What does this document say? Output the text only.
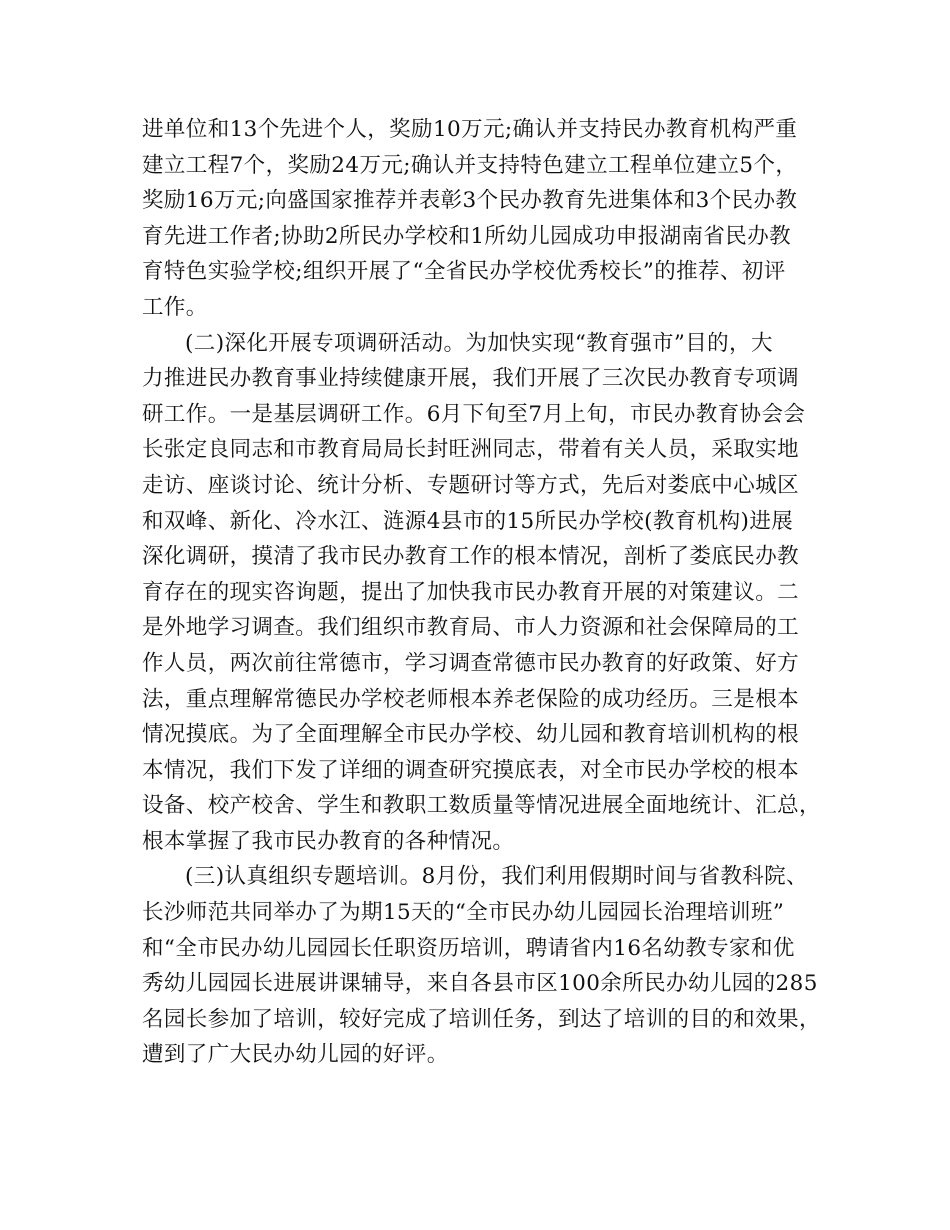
进单位和13个先进个人，奖励10万元;确认并支持民办教育机构严重
建立工程7个，奖励24万元;确认并支持特色建立工程单位建立5个，
奖励16万元;向盛国家推荐并表彰3个民办教育先进集体和3个民办教
育先进工作者;协助2所民办学校和1所幼儿园成功申报湖南省民办教
育特色实验学校;组织开展了“全省民办学校优秀校长”的推荐、初评
工作。
(二)深化开展专项调研活动。为加快实现“教育强市”目的，大
力推进民办教育事业持续健康开展，我们开展了三次民办教育专项调
研工作。一是基层调研工作。6月下旬至7月上旬，市民办教育协会会
长张定良同志和市教育局局长封旺洲同志，带着有关人员，采取实地
走访、座谈讨论、统计分析、专题研讨等方式，先后对娄底中心城区
和双峰、新化、冷水江、涟源4县市的15所民办学校(教育机构)进展
深化调研，摸清了我市民办教育工作的根本情况，剖析了娄底民办教
育存在的现实咨询题，提出了加快我市民办教育开展的对策建议。二
是外地学习调查。我们组织市教育局、市人力资源和社会保障局的工
作人员，两次前往常德市，学习调查常德市民办教育的好政策、好方
法，重点理解常德民办学校老师根本养老保险的成功经历。三是根本
情况摸底。为了全面理解全市民办学校、幼儿园和教育培训机构的根
本情况，我们下发了详细的调查研究摸底表，对全市民办学校的根本
设备、校产校舍、学生和教职工数质量等情况进展全面地统计、汇总，
根本掌握了我市民办教育的各种情况。
(三)认真组织专题培训。8月份，我们利用假期时间与省教科院、
长沙师范共同举办了为期15天的“全市民办幼儿园园长治理培训班”
和“全市民办幼儿园园长任职资历培训，聘请省内16名幼教专家和优
秀幼儿园园长进展讲课辅导，来自各县市区100余所民办幼儿园的285
名园长参加了培训，较好完成了培训任务，到达了培训的目的和效果，
遭到了广大民办幼儿园的好评。
